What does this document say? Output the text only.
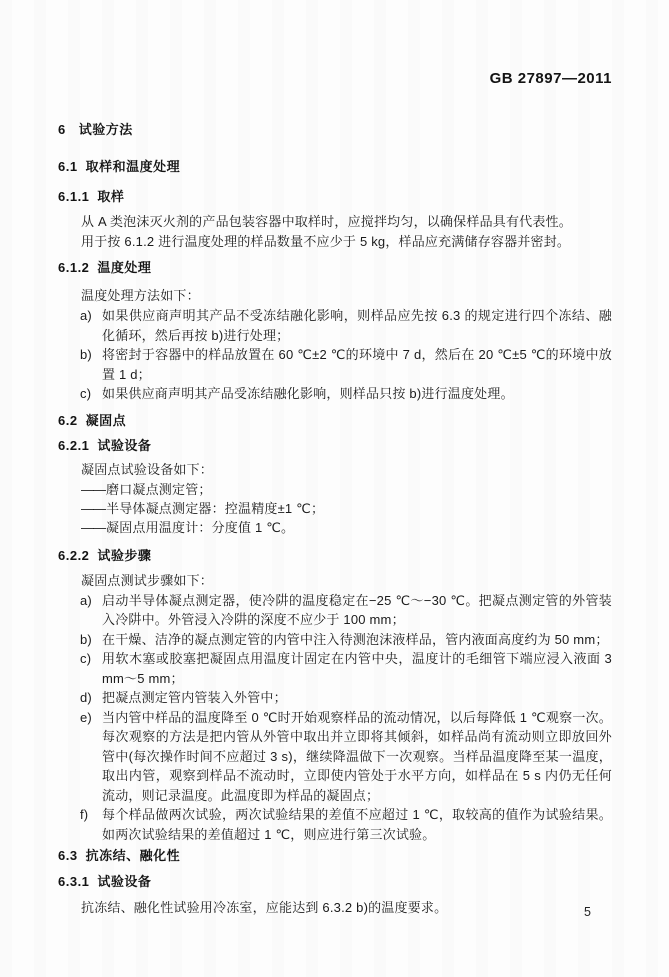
GB 27897—2011
6 试验方法
6.1 取样和温度处理
6.1.1 取样
从 A 类泡沫灭火剂的产品包装容器中取样时，应搅拌均匀，以确保样品具有代表性。
用于按 6.1.2 进行温度处理的样品数量不应少于 5 kg，样品应充满储存容器并密封。
6.1.2 温度处理
温度处理方法如下：
a) 如果供应商声明其产品不受冻结融化影响，则样品应先按 6.3 的规定进行四个冻结、融化循环，然后再按 b)进行处理；
b) 将密封于容器中的样品放置在 60 ℃±2 ℃的环境中 7 d，然后在 20 ℃±5 ℃的环境中放置 1 d；
c) 如果供应商声明其产品受冻结融化影响，则样品只按 b)进行温度处理。
6.2 凝固点
6.2.1 试验设备
凝固点试验设备如下：
——磨口凝点测定管；
——半导体凝点测定器：控温精度±1 ℃；
——凝固点用温度计：分度值 1 ℃。
6.2.2 试验步骤
凝固点测试步骤如下：
a) 启动半导体凝点测定器，使冷阱的温度稳定在−25 ℃～−30 ℃。把凝点测定管的外管装入冷阱中。外管浸入冷阱的深度不应少于 100 mm；
b) 在干燥、洁净的凝点测定管的内管中注入待测泡沫液样品，管内液面高度约为 50 mm；
c) 用软木塞或胶塞把凝固点用温度计固定在内管中央，温度计的毛细管下端应浸入液面 3 mm～5 mm；
d) 把凝点测定管内管装入外管中；
e) 当内管中样品的温度降至 0 ℃时开始观察样品的流动情况，以后每降低 1 ℃观察一次。每次观察的方法是把内管从外管中取出并立即将其倾斜，如样品尚有流动则立即放回外管中(每次操作时间不应超过 3 s)，继续降温做下一次观察。当样品温度降至某一温度，取出内管，观察到样品不流动时，立即使内管处于水平方向，如样品在 5 s 内仍无任何流动，则记录温度。此温度即为样品的凝固点；
f)	每个样品做两次试验，两次试验结果的差值不应超过 1 ℃，取较高的值作为试验结果。如两次试验结果的差值超过 1 ℃，则应进行第三次试验。
6.3 抗冻结、融化性
6.3.1 试验设备
抗冻结、融化性试验用冷冻室，应能达到 6.3.2 b)的温度要求。	5
